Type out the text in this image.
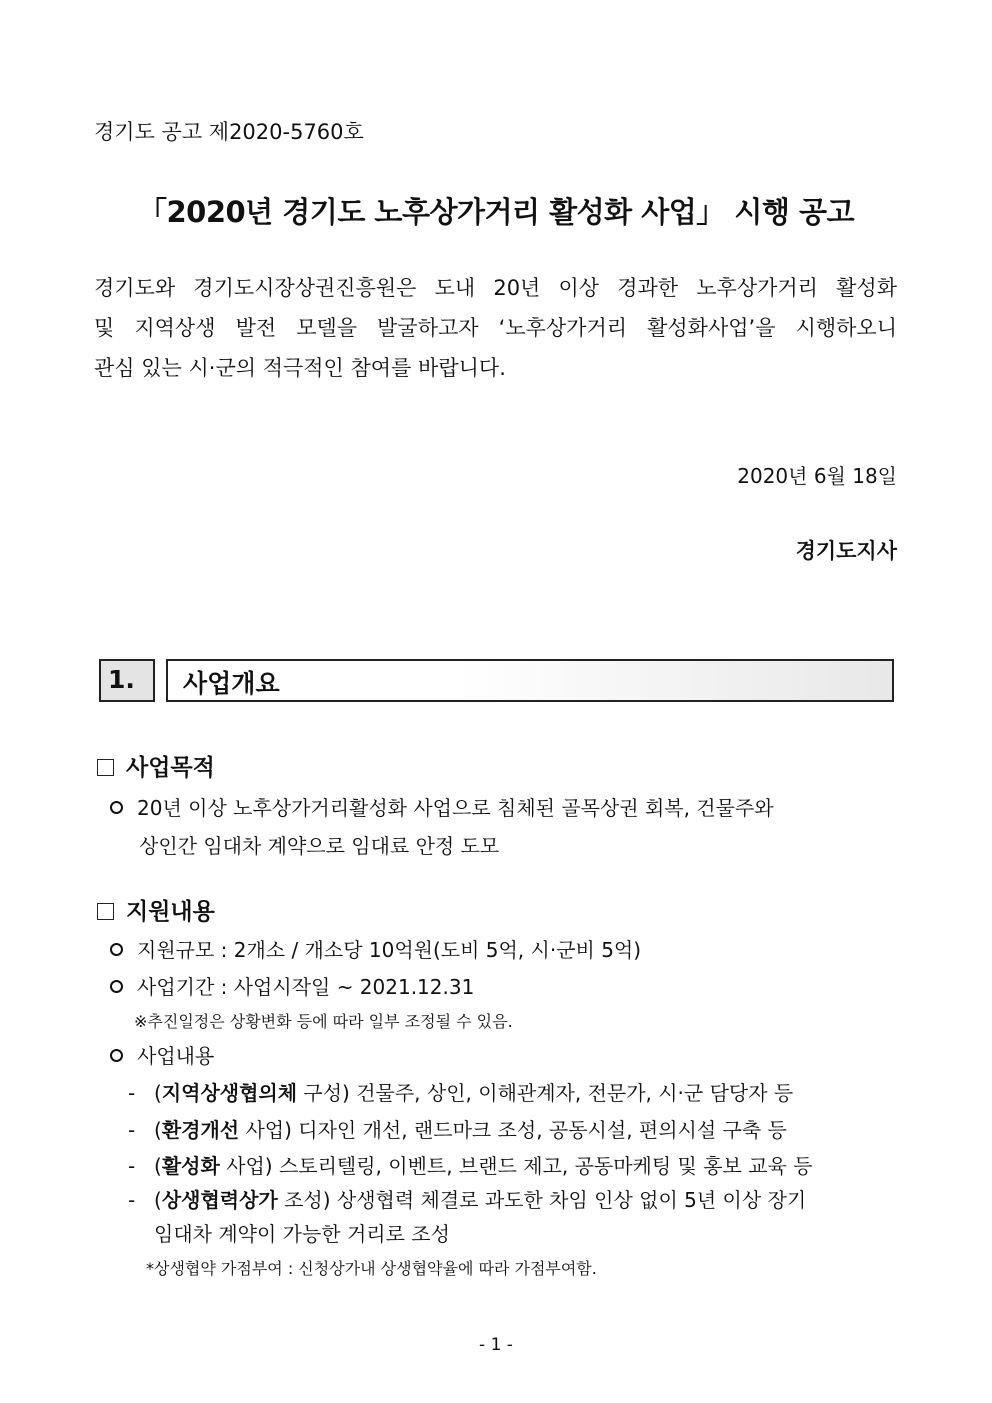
경기도 공고 제2020-5760호
「2020년 경기도 노후상가거리 활성화 사업」 시행 공고
경기도와 경기도시장상권진흥원은 도내 20년 이상 경과한 노후상가거리 활성화
및 지역상생 발전 모델을 발굴하고자 ‘노후상가거리 활성화사업’을 시행하오니
관심 있는 시·군의 적극적인 참여를 바랍니다.
2020년 6월 18일
경기도지사
1. 사업개요
사업목적
20년 이상 노후상가거리활성화 사업으로 침체된 골목상권 회복, 건물주와
상인간 임대차 계약으로 임대료 안정 도모
지원내용
지원규모 : 2개소 / 개소당 10억원(도비 5억, 시·군비 5억)
사업기간 : 사업시작일 ~ 2021.12.31
※추진일정은 상황변화 등에 따라 일부 조정될 수 있음.
사업내용
- (지역상생협의체 구성) 건물주, 상인, 이해관계자, 전문가, 시·군 담당자 등
- (환경개선 사업) 디자인 개선, 랜드마크 조성, 공동시설, 편의시설 구축 등
- (활성화 사업) 스토리텔링, 이벤트, 브랜드 제고, 공동마케팅 및 홍보 교육 등
- (상생협력상가 조성) 상생협력 체결로 과도한 차임 인상 없이 5년 이상 장기
임대차 계약이 가능한 거리로 조성
*상생협약 가점부여 : 신청상가내 상생협약율에 따라 가점부여함.
- 1 -
